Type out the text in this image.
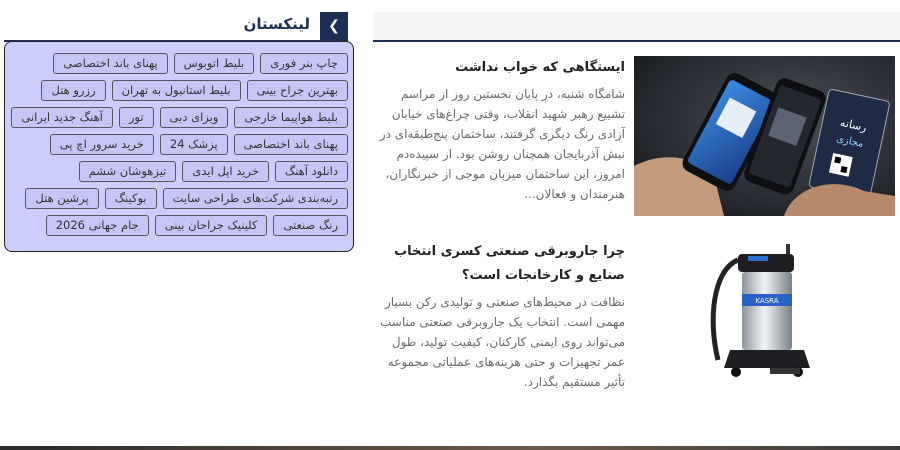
لینکستان	❯
چاپ بنر فوری
بلیط اتوبوس
پهنای باند اختصاصی
بهترین جراح بینی
بلیط استانبول به تهران
رزرو هتل
بلیط هواپیما خارجی
ویزای دبی
تور
آهنگ جدید ایرانی
پهنای باند اختصاصی
پزشک 24
خرید سرور اچ پی
دانلود آهنگ
خرید اپل ایدی
تیزهوشان ششم
رتبه‌بندی شرکت‌های طراحی سایت
بوکینگ
پرشین هتل
رنگ صنعتی
کلینیک جراحان بینی
جام جهانی 2026
ایستگاهی که خواب نداشت

شامگاه شنبه، در پایان نخستین روز از مراسم تشییع رهبر شهید انقلاب، وقتی چراغ‌های خیابان آزادی رنگ دیگری گرفتند، ساختمان پنج‌طبقه‌ای در نبش آذربایجان همچنان روشن بود. از سپیده‌دم امروز، این ساختمان میزبان موجی از خبرنگاران، هنرمندان و فعالان...

رسانه
مجازی
چرا جاروبرقی صنعتی کسری انتخاب صنایع و کارخانجات است؟

نظافت در محیط‌های صنعتی و تولیدی رکن بسیار مهمی است. انتخاب یک جاروبرقی صنعتی مناسب می‌تواند روی ایمنی کارکنان، کیفیت تولید، طول عمر تجهیزات و حتی هزینه‌های عملیاتی مجموعه تأثیر مستقیم بگذارد.

KASRA
